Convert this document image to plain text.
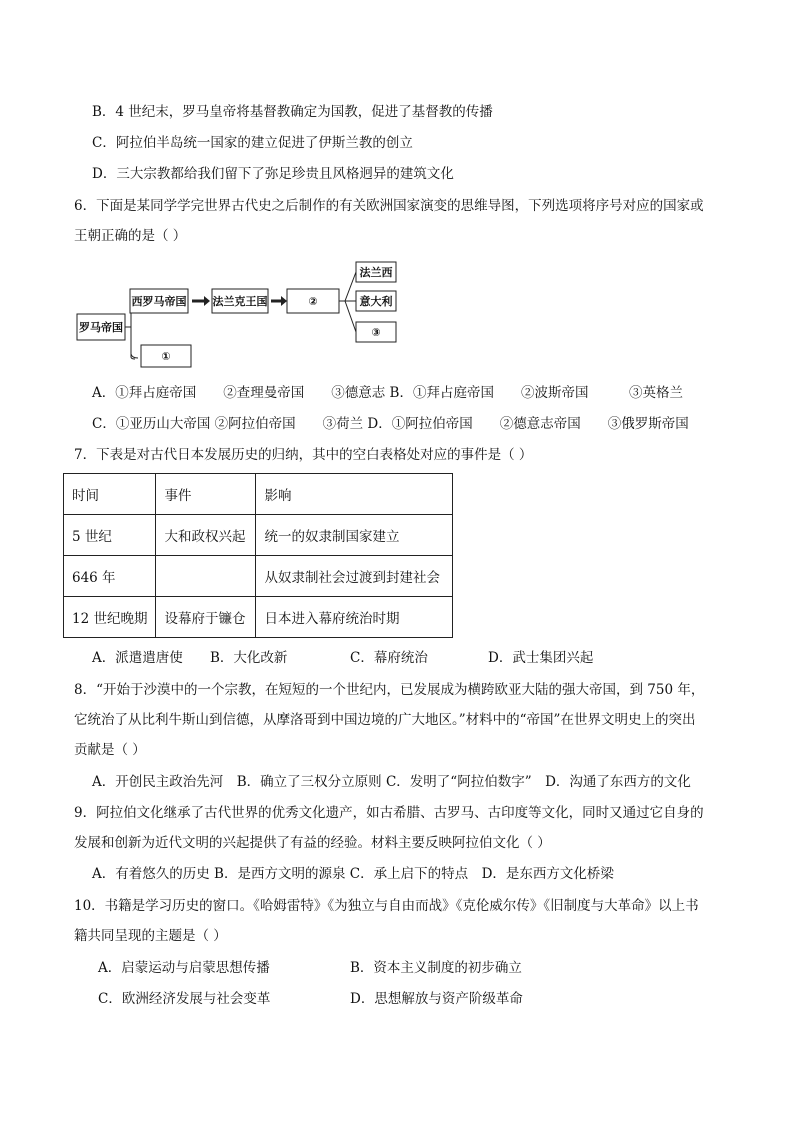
B．4 世纪末，罗马皇帝将基督教确定为国教，促进了基督教的传播
C．阿拉伯半岛统一国家的建立促进了伊斯兰教的创立
D．三大宗教都给我们留下了弥足珍贵且风格迥异的建筑文化
6．下面是某同学学完世界古代史之后制作的有关欧洲国家演变的思维导图，下列选项将序号对应的国家或
王朝正确的是（ ）
罗马帝国
西罗马帝国
①
法兰克王国	②
法兰西
意大利
③
A．①拜占庭帝国　　②查理曼帝国　　③德意志 B．①拜占庭帝国　　②波斯帝国　　　③英格兰
C．①亚历山大帝国 ②阿拉伯帝国　　③荷兰 D．①阿拉伯帝国　　②德意志帝国　　③俄罗斯帝国
7．下表是对古代日本发展历史的归纳，其中的空白表格处对应的事件是（ ）
时间	事件	影响
5 世纪	大和政权兴起	统一的奴隶制国家建立
646 年		从奴隶制社会过渡到封建社会
12 世纪晚期	设幕府于镰仓	日本进入幕府统治时期
A．派遣遣唐使 B．大化改新	C．幕府统治	D．武士集团兴起
8．“开始于沙漠中的一个宗教，在短短的一个世纪内，已发展成为横跨欧亚大陆的强大帝国，到 750 年，
它统治了从比利牛斯山到信德，从摩洛哥到中国边境的广大地区。”材料中的“帝国”在世界文明史上的突出
贡献是（ ）
A．开创民主政治先河　B．确立了三权分立原则 C．发明了“阿拉伯数字”　D．沟通了东西方的文化
9．阿拉伯文化继承了古代世界的优秀文化遗产，如古希腊、古罗马、古印度等文化，同时又通过它自身的
发展和创新为近代文明的兴起提供了有益的经验。材料主要反映阿拉伯文化（ ）
A．有着悠久的历史 B．是西方文明的源泉 C．承上启下的特点　D．是东西方文化桥梁
10．书籍是学习历史的窗口。《哈姆雷特》《为独立与自由而战》《克伦威尔传》《旧制度与大革命》以上书
籍共同呈现的主题是（ ）
A．启蒙运动与启蒙思想传播	B．资本主义制度的初步确立
C．欧洲经济发展与社会变革	D．思想解放与资产阶级革命
